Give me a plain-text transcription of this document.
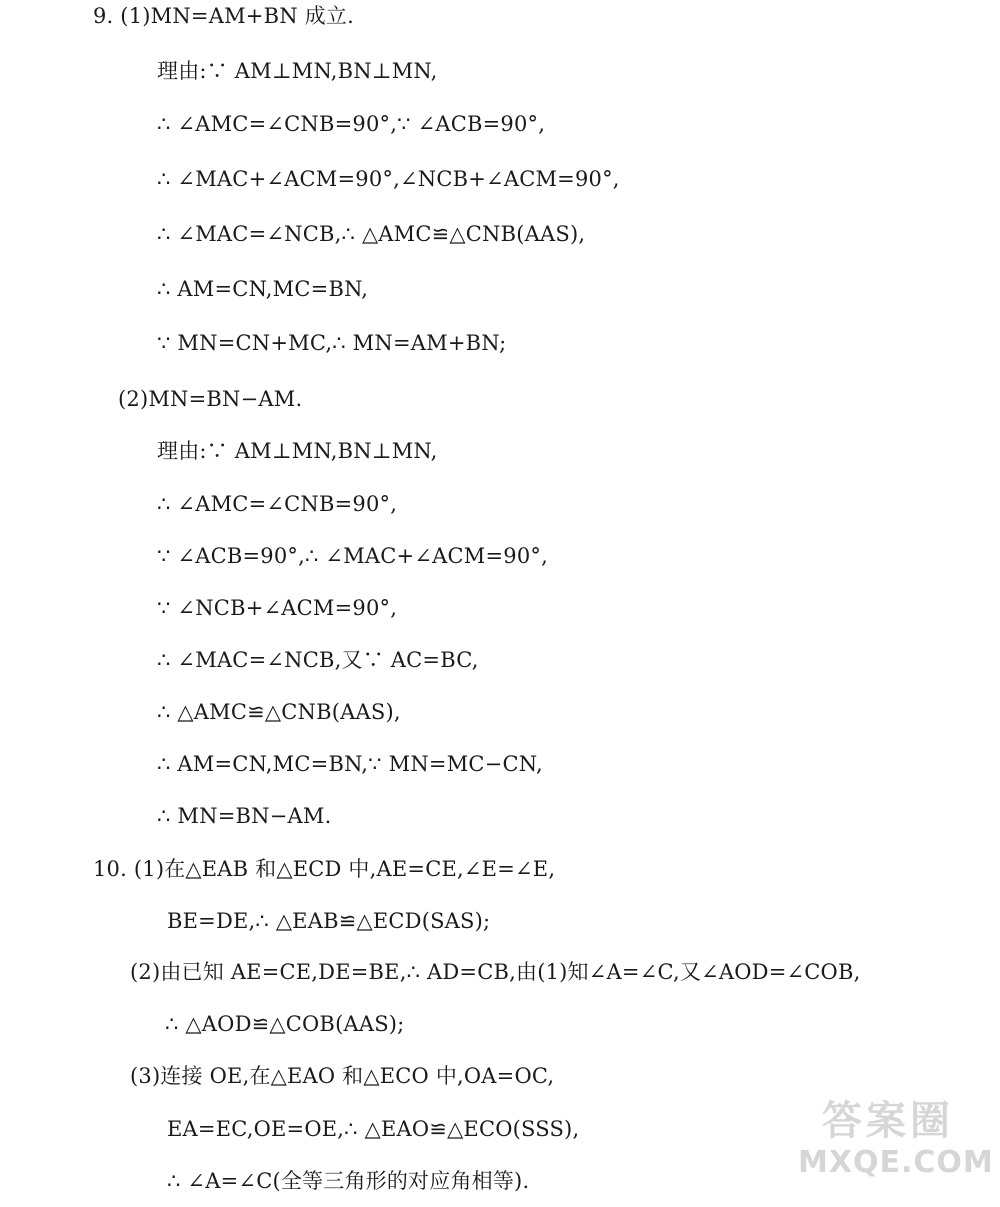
9. (1)MN=AM+BN 成立.
理由:∵ AM⊥MN,BN⊥MN,
∴ ∠AMC=∠CNB=90°,∵ ∠ACB=90°,
∴ ∠MAC+∠ACM=90°,∠NCB+∠ACM=90°,
∴ ∠MAC=∠NCB,∴ △AMC≌△CNB(AAS),
∴ AM=CN,MC=BN,
∵ MN=CN+MC,∴ MN=AM+BN;
(2)MN=BN−AM.
理由:∵ AM⊥MN,BN⊥MN,
∴ ∠AMC=∠CNB=90°,
∵ ∠ACB=90°,∴ ∠MAC+∠ACM=90°,
∵ ∠NCB+∠ACM=90°,
∴ ∠MAC=∠NCB,又∵ AC=BC,
∴ △AMC≌△CNB(AAS),
∴ AM=CN,MC=BN,∵ MN=MC−CN,
∴ MN=BN−AM.
10. (1)在△EAB 和△ECD 中,AE=CE,∠E=∠E,
BE=DE,∴ △EAB≌△ECD(SAS);
(2)由已知 AE=CE,DE=BE,∴ AD=CB,由(1)知∠A=∠C,又∠AOD=∠COB,
∴ △AOD≌△COB(AAS);
(3)连接 OE,在△EAO 和△ECO 中,OA=OC,
EA=EC,OE=OE,∴ △EAO≌△ECO(SSS),
∴ ∠A=∠C(全等三角形的对应角相等).
答案圈
MXQE.COM
